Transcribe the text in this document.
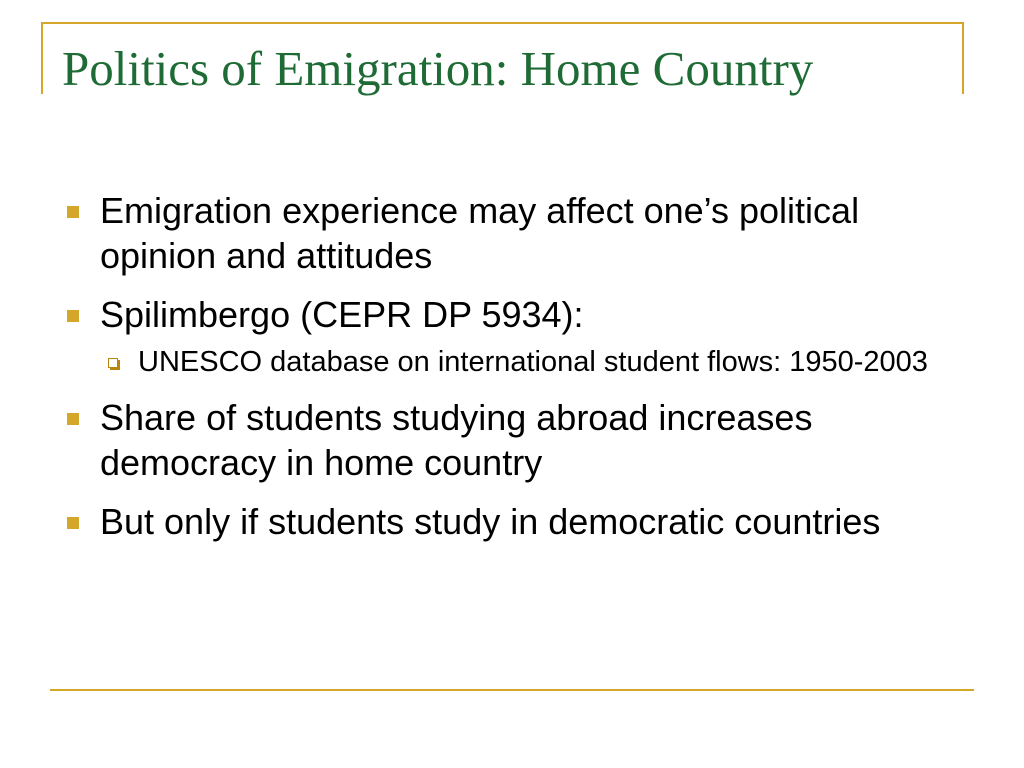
Politics of Emigration: Home Country
Emigration experience may affect one’s political opinion and attitudes
Spilimbergo (CEPR DP 5934):
UNESCO database on international student flows: 1950-2003
Share of students studying abroad increases democracy in home country
But only if students study in democratic countries
